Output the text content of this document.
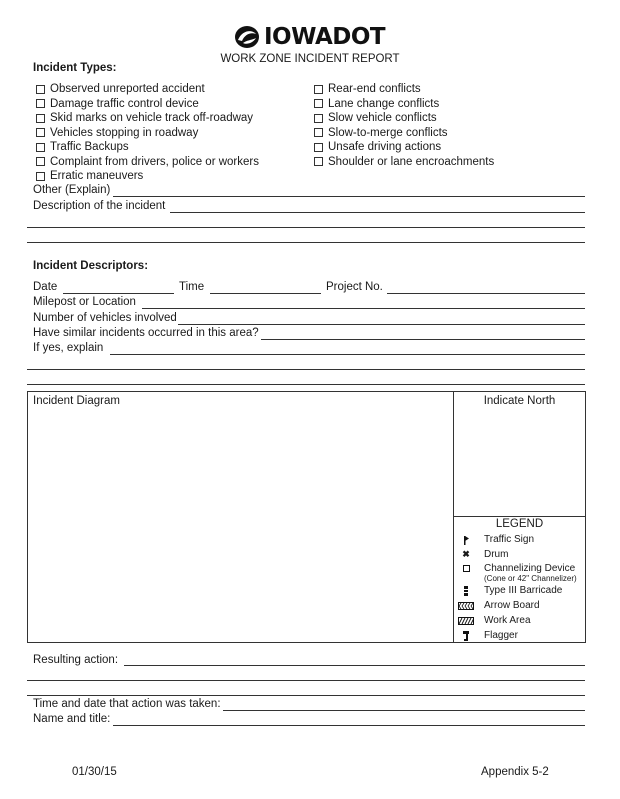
IOWADOT
WORK ZONE INCIDENT REPORT
Incident Types:
Observed unreported accident
Damage traffic control device
Skid marks on vehicle track off-roadway
Vehicles stopping in roadway
Traffic Backups
Complaint from drivers, police or workers
Erratic maneuvers
Rear-end conflicts
Lane change conflicts
Slow vehicle conflicts
Slow-to-merge conflicts
Unsafe driving actions
Shoulder or lane encroachments
Other (Explain)
Description of the incident
Incident Descriptors:
Date	Time	Project No.
Milepost or Location
Number of vehicles involved
Have similar incidents occurred in this area?
If yes, explain
Incident Diagram	Indicate North
LEGEND
Traffic Sign
✖	Drum
Channelizing Device
(Cone or 42" Channelizer)
Type III Barricade
Arrow Board
Work Area
Flagger
Resulting action:
Time and date that action was taken:
Name and title:
01/30/15	Appendix 5-2
